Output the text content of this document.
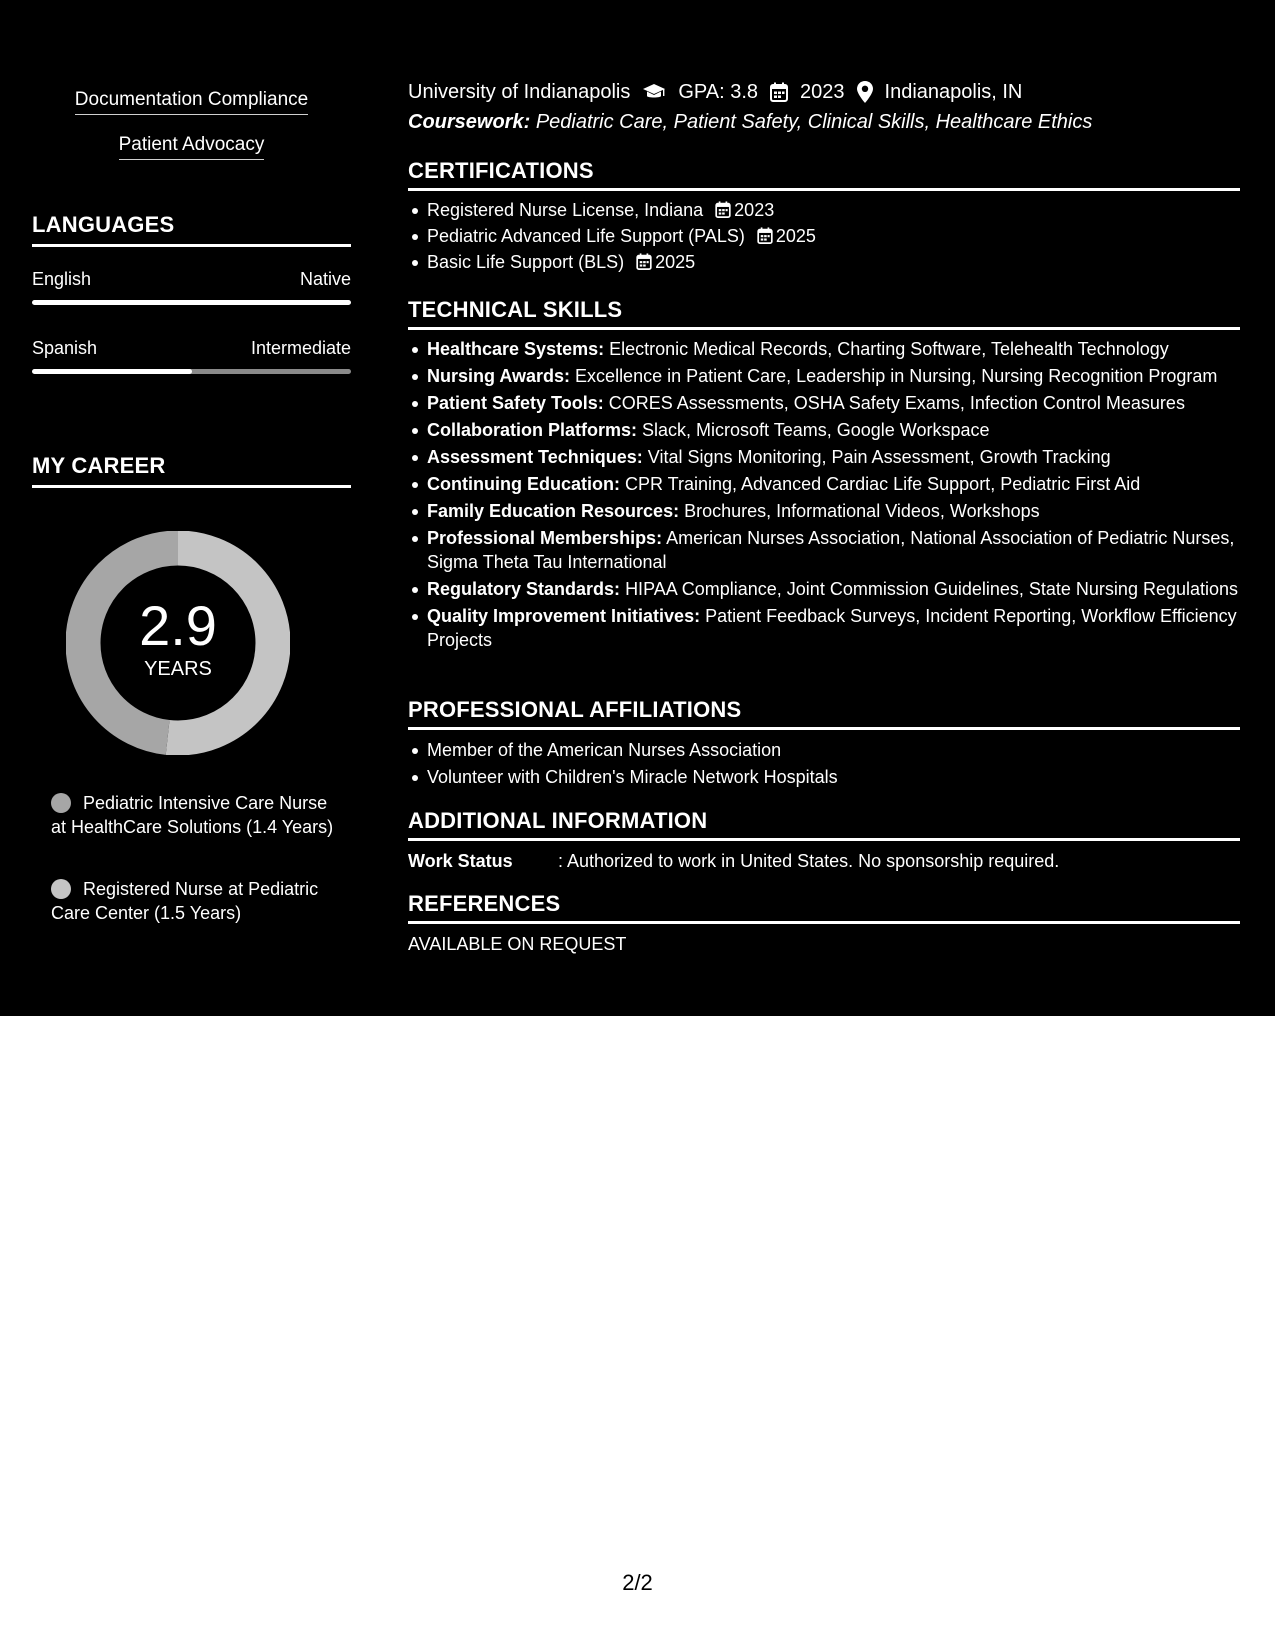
Documentation Compliance
Patient Advocacy
LANGUAGES
English	Native
Spanish	Intermediate
MY CAREER
2.9
YEARS
Pediatric Intensive Care Nurse at HealthCare Solutions (1.4 Years)
Registered Nurse at Pediatric Care Center (1.5 Years)
University of Indianapolis GPA: 3.8 2023 Indianapolis, IN
Coursework: Pediatric Care, Patient Safety, Clinical Skills, Healthcare Ethics
CERTIFICATIONS
Registered Nurse License, Indiana 2023
Pediatric Advanced Life Support (PALS) 2025
Basic Life Support (BLS) 2025
TECHNICAL SKILLS
Healthcare Systems: Electronic Medical Records, Charting Software, Telehealth Technology
Nursing Awards: Excellence in Patient Care, Leadership in Nursing, Nursing Recognition Program
Patient Safety Tools: CORES Assessments, OSHA Safety Exams, Infection Control Measures
Collaboration Platforms: Slack, Microsoft Teams, Google Workspace
Assessment Techniques: Vital Signs Monitoring, Pain Assessment, Growth Tracking
Continuing Education: CPR Training, Advanced Cardiac Life Support, Pediatric First Aid
Family Education Resources: Brochures, Informational Videos, Workshops
Professional Memberships: American Nurses Association, National Association of Pediatric Nurses, Sigma Theta Tau International
Regulatory Standards: HIPAA Compliance, Joint Commission Guidelines, State Nursing Regulations
Quality Improvement Initiatives: Patient Feedback Surveys, Incident Reporting, Workflow Efficiency Projects
PROFESSIONAL AFFILIATIONS
Member of the American Nurses Association
Volunteer with Children's Miracle Network Hospitals
ADDITIONAL INFORMATION
Work Status	: Authorized to work in United States. No sponsorship required.
REFERENCES
AVAILABLE ON REQUEST
2/2
